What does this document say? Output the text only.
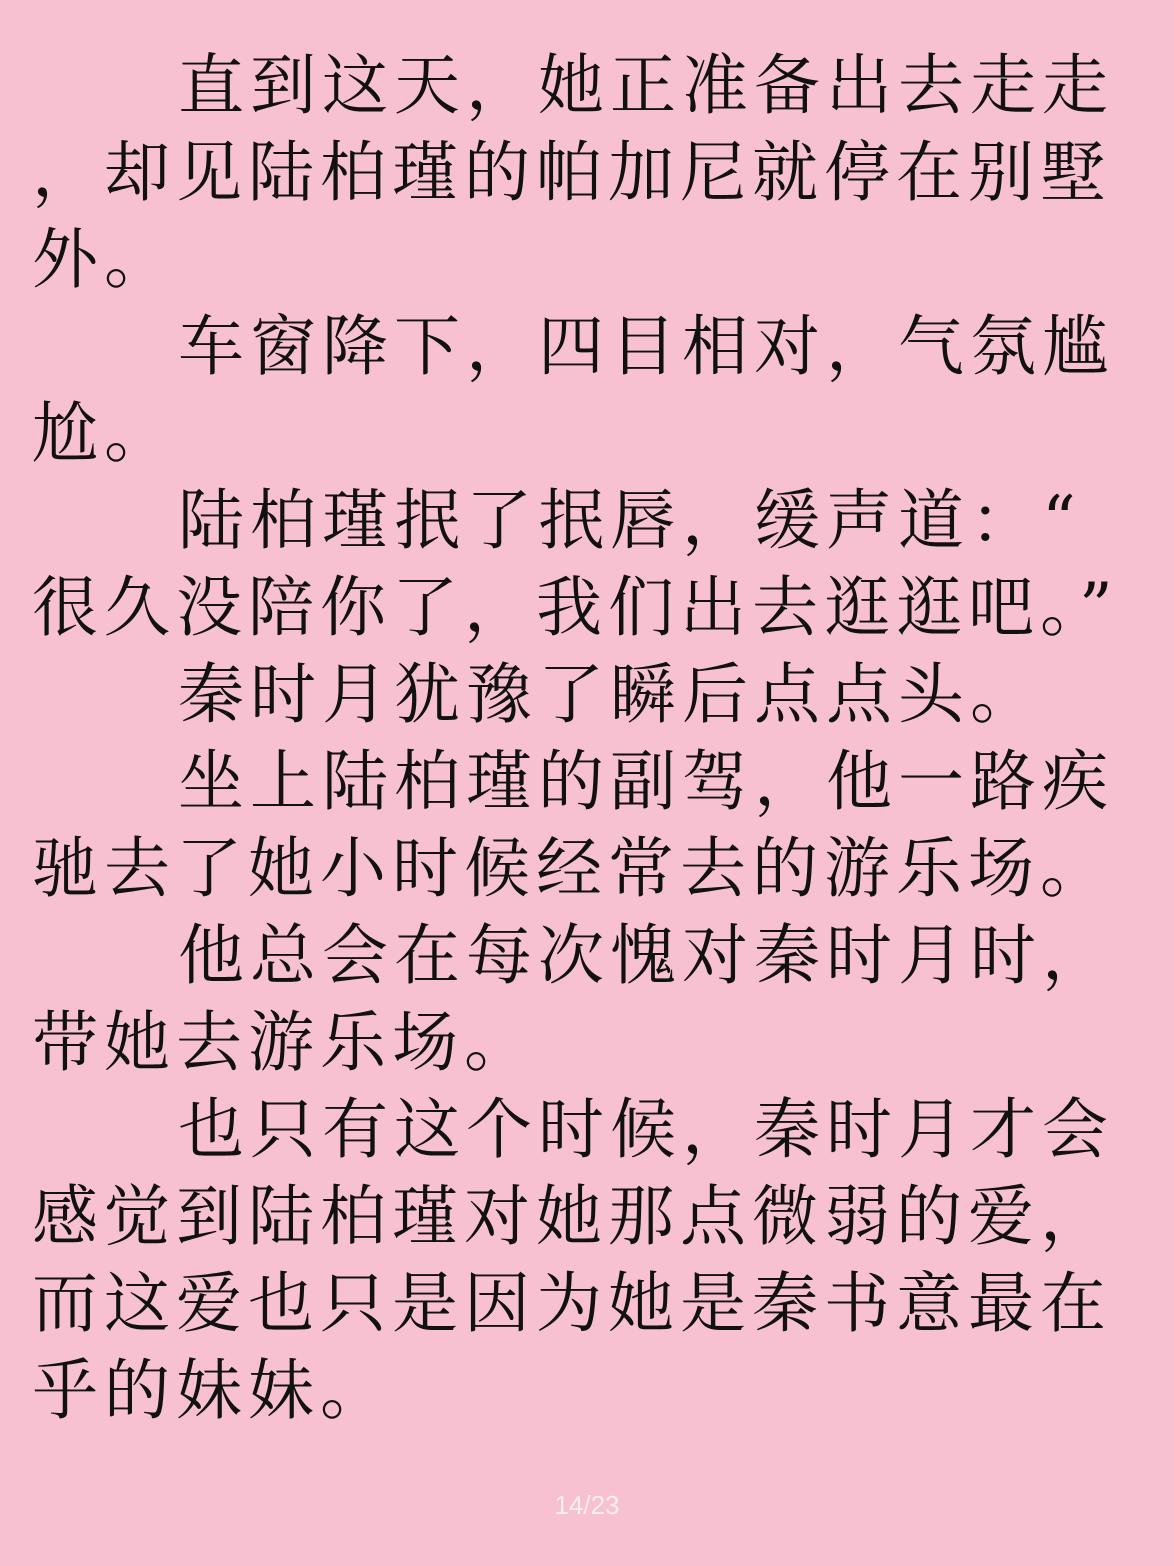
直到这天，她正准备出去走走
，却见陆柏瑾的帕加尼就停在别墅
外。
车窗降下，四目相对，气氛尴
尬。
陆柏瑾抿了抿唇，缓声道：“
很久没陪你了，我们出去逛逛吧。”
秦时月犹豫了瞬后点点头。
坐上陆柏瑾的副驾，他一路疾
驰去了她小时候经常去的游乐场。
他总会在每次愧对秦时月时，
带她去游乐场。
也只有这个时候，秦时月才会
感觉到陆柏瑾对她那点微弱的爱，
而这爱也只是因为她是秦书意最在
乎的妹妹。
14/23
